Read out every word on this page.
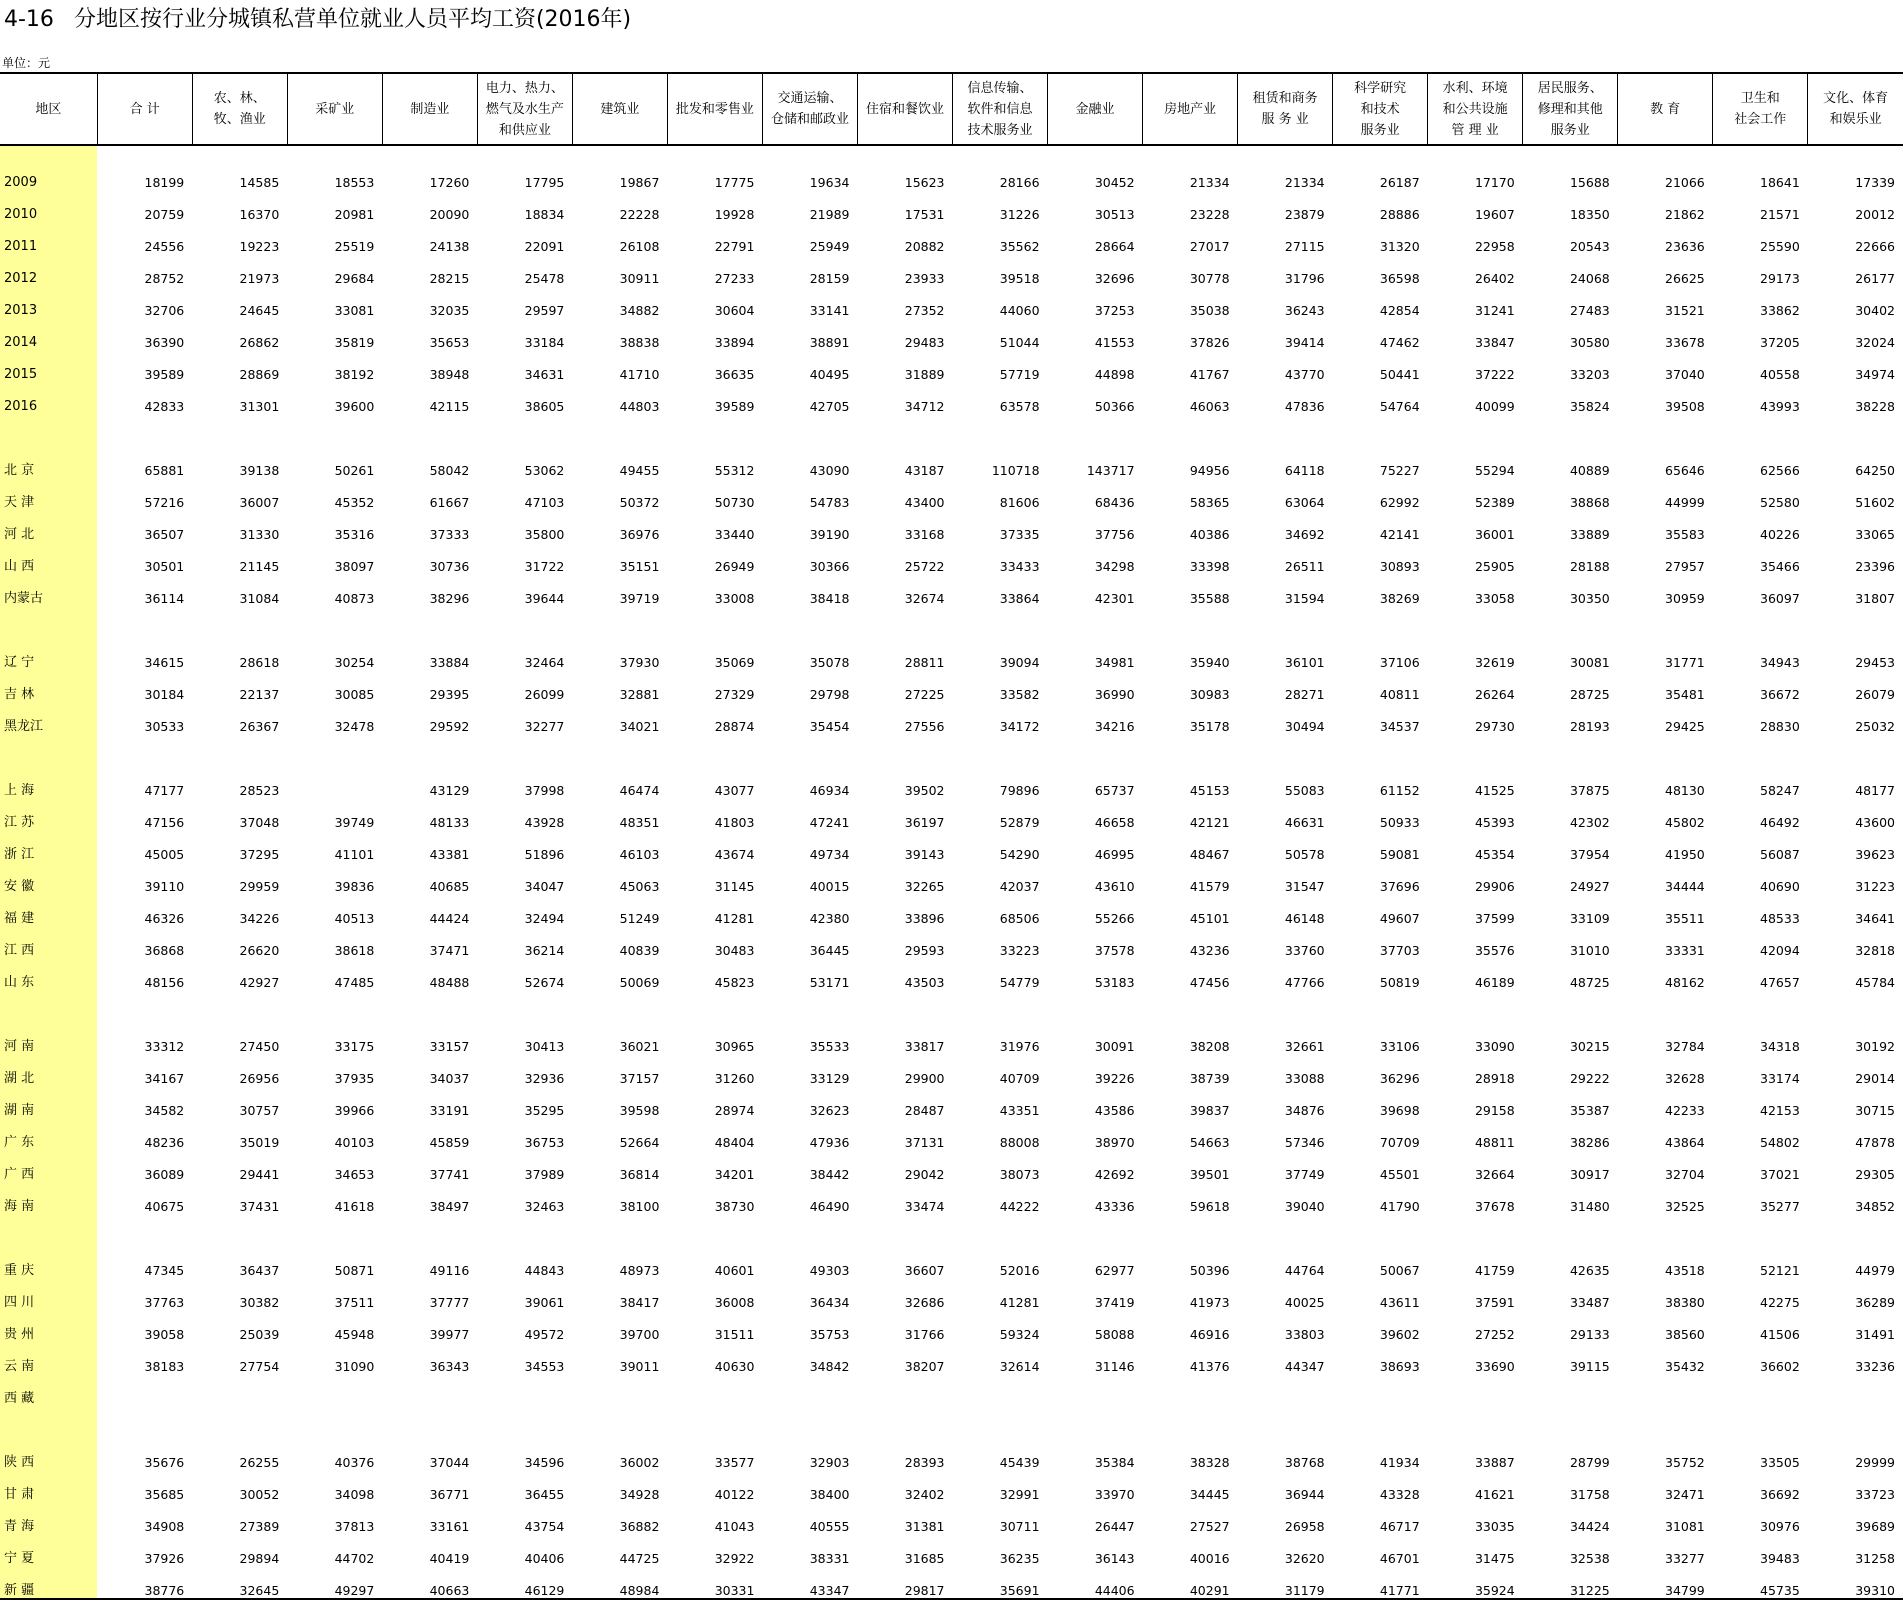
4-16 分地区按行业分城镇私营单位就业人员平均工资(2016年)
单位：元
地区	合 计	农、林、
牧、渔业	采矿业	制造业	电力、热力、
燃气及水生产
和供应业	建筑业	批发和零售业	交通运输、
仓储和邮政业	住宿和餐饮业	信息传输、
软件和信息
技术服务业	金融业	房地产业	租赁和商务
服 务 业	科学研究
和技术
服务业	水利、环境
和公共设施
管 理 业	居民服务、
修理和其他
服务业	教 育	卫生和
社会工作	文化、体育
和娱乐业

2009	18199	14585	18553	17260	17795	19867	17775	19634	15623	28166	30452	21334	21334	26187	17170	15688	21066	18641	17339
2010	20759	16370	20981	20090	18834	22228	19928	21989	17531	31226	30513	23228	23879	28886	19607	18350	21862	21571	20012
2011	24556	19223	25519	24138	22091	26108	22791	25949	20882	35562	28664	27017	27115	31320	22958	20543	23636	25590	22666
2012	28752	21973	29684	28215	25478	30911	27233	28159	23933	39518	32696	30778	31796	36598	26402	24068	26625	29173	26177
2013	32706	24645	33081	32035	29597	34882	30604	33141	27352	44060	37253	35038	36243	42854	31241	27483	31521	33862	30402
2014	36390	26862	35819	35653	33184	38838	33894	38891	29483	51044	41553	37826	39414	47462	33847	30580	33678	37205	32024
2015	39589	28869	38192	38948	34631	41710	36635	40495	31889	57719	44898	41767	43770	50441	37222	33203	37040	40558	34974
2016	42833	31301	39600	42115	38605	44803	39589	42705	34712	63578	50366	46063	47836	54764	40099	35824	39508	43993	38228

北 京	65881	39138	50261	58042	53062	49455	55312	43090	43187	110718	143717	94956	64118	75227	55294	40889	65646	62566	64250
天 津	57216	36007	45352	61667	47103	50372	50730	54783	43400	81606	68436	58365	63064	62992	52389	38868	44999	52580	51602
河 北	36507	31330	35316	37333	35800	36976	33440	39190	33168	37335	37756	40386	34692	42141	36001	33889	35583	40226	33065
山 西	30501	21145	38097	30736	31722	35151	26949	30366	25722	33433	34298	33398	26511	30893	25905	28188	27957	35466	23396
内蒙古	36114	31084	40873	38296	39644	39719	33008	38418	32674	33864	42301	35588	31594	38269	33058	30350	30959	36097	31807

辽 宁	34615	28618	30254	33884	32464	37930	35069	35078	28811	39094	34981	35940	36101	37106	32619	30081	31771	34943	29453
吉 林	30184	22137	30085	29395	26099	32881	27329	29798	27225	33582	36990	30983	28271	40811	26264	28725	35481	36672	26079
黑龙江	30533	26367	32478	29592	32277	34021	28874	35454	27556	34172	34216	35178	30494	34537	29730	28193	29425	28830	25032

上 海	47177	28523		43129	37998	46474	43077	46934	39502	79896	65737	45153	55083	61152	41525	37875	48130	58247	48177
江 苏	47156	37048	39749	48133	43928	48351	41803	47241	36197	52879	46658	42121	46631	50933	45393	42302	45802	46492	43600
浙 江	45005	37295	41101	43381	51896	46103	43674	49734	39143	54290	46995	48467	50578	59081	45354	37954	41950	56087	39623
安 徽	39110	29959	39836	40685	34047	45063	31145	40015	32265	42037	43610	41579	31547	37696	29906	24927	34444	40690	31223
福 建	46326	34226	40513	44424	32494	51249	41281	42380	33896	68506	55266	45101	46148	49607	37599	33109	35511	48533	34641
江 西	36868	26620	38618	37471	36214	40839	30483	36445	29593	33223	37578	43236	33760	37703	35576	31010	33331	42094	32818
山 东	48156	42927	47485	48488	52674	50069	45823	53171	43503	54779	53183	47456	47766	50819	46189	48725	48162	47657	45784

河 南	33312	27450	33175	33157	30413	36021	30965	35533	33817	31976	30091	38208	32661	33106	33090	30215	32784	34318	30192
湖 北	34167	26956	37935	34037	32936	37157	31260	33129	29900	40709	39226	38739	33088	36296	28918	29222	32628	33174	29014
湖 南	34582	30757	39966	33191	35295	39598	28974	32623	28487	43351	43586	39837	34876	39698	29158	35387	42233	42153	30715
广 东	48236	35019	40103	45859	36753	52664	48404	47936	37131	88008	38970	54663	57346	70709	48811	38286	43864	54802	47878
广 西	36089	29441	34653	37741	37989	36814	34201	38442	29042	38073	42692	39501	37749	45501	32664	30917	32704	37021	29305
海 南	40675	37431	41618	38497	32463	38100	38730	46490	33474	44222	43336	59618	39040	41790	37678	31480	32525	35277	34852

重 庆	47345	36437	50871	49116	44843	48973	40601	49303	36607	52016	62977	50396	44764	50067	41759	42635	43518	52121	44979
四 川	37763	30382	37511	37777	39061	38417	36008	36434	32686	41281	37419	41973	40025	43611	37591	33487	38380	42275	36289
贵 州	39058	25039	45948	39977	49572	39700	31511	35753	31766	59324	58088	46916	33803	39602	27252	29133	38560	41506	31491
云 南	38183	27754	31090	36343	34553	39011	40630	34842	38207	32614	31146	41376	44347	38693	33690	39115	35432	36602	33236
西 藏																			

陕 西	35676	26255	40376	37044	34596	36002	33577	32903	28393	45439	35384	38328	38768	41934	33887	28799	35752	33505	29999
甘 肃	35685	30052	34098	36771	36455	34928	40122	38400	32402	32991	33970	34445	36944	43328	41621	31758	32471	36692	33723
青 海	34908	27389	37813	33161	43754	36882	41043	40555	31381	30711	26447	27527	26958	46717	33035	34424	31081	30976	39689
宁 夏	37926	29894	44702	40419	40406	44725	32922	38331	31685	36235	36143	40016	32620	46701	31475	32538	33277	39483	31258
新 疆	38776	32645	49297	40663	46129	48984	30331	43347	29817	35691	44406	40291	31179	41771	35924	31225	34799	45735	39310
